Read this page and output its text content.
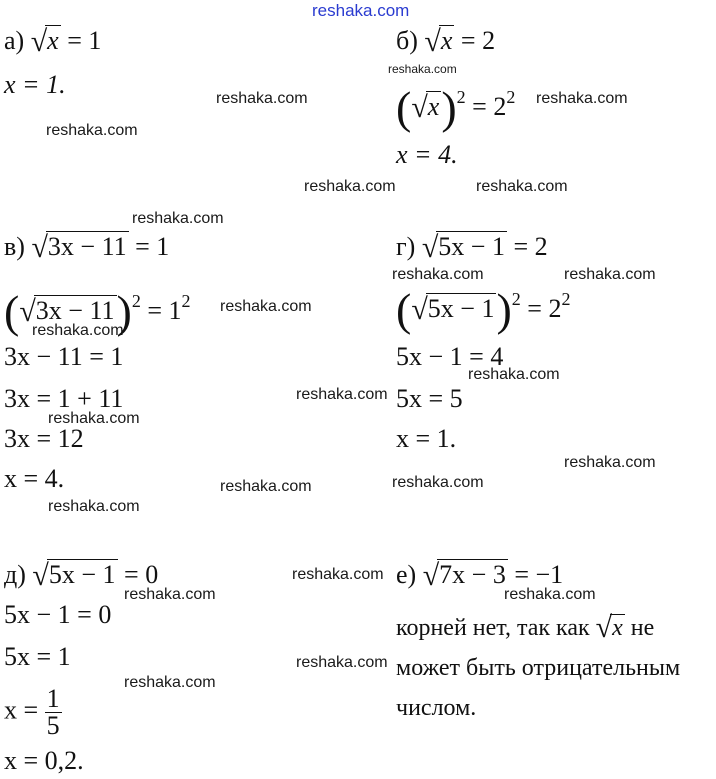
reshaka.com
reshaka.com
reshaka.com	reshaka.com
reshaka.com
reshaka.com	reshaka.com
reshaka.com
reshaka.com	reshaka.com
reshaka.com
reshaka.com
reshaka.com
reshaka.com
reshaka.com
reshaka.com
reshaka.com	reshaka.com
reshaka.com
reshaka.com
reshaka.com	reshaka.com
reshaka.com
reshaka.com
а) √x = 1
x = 1.
б) √x = 2
$(√x)^2 = 2^2$
x = 4.
в) √3x − 11 = 1
$(√3x - 11)^2 = 1^2$
3x − 11 = 1
3x = 1 + 11
3x = 12
x = 4.
г) √5x − 1 = 2
$(√5x - 1)^2 = 2^2$
5x − 1 = 4
5x = 5
x = 1.
д) √5x − 1 = 0
5x − 1 = 0
5x = 1
$x = \frac{1}{5}$
x = 0,2.
е) √7x − 3 = −1
корней нет, так как √x не
может быть отрицательным
числом.
